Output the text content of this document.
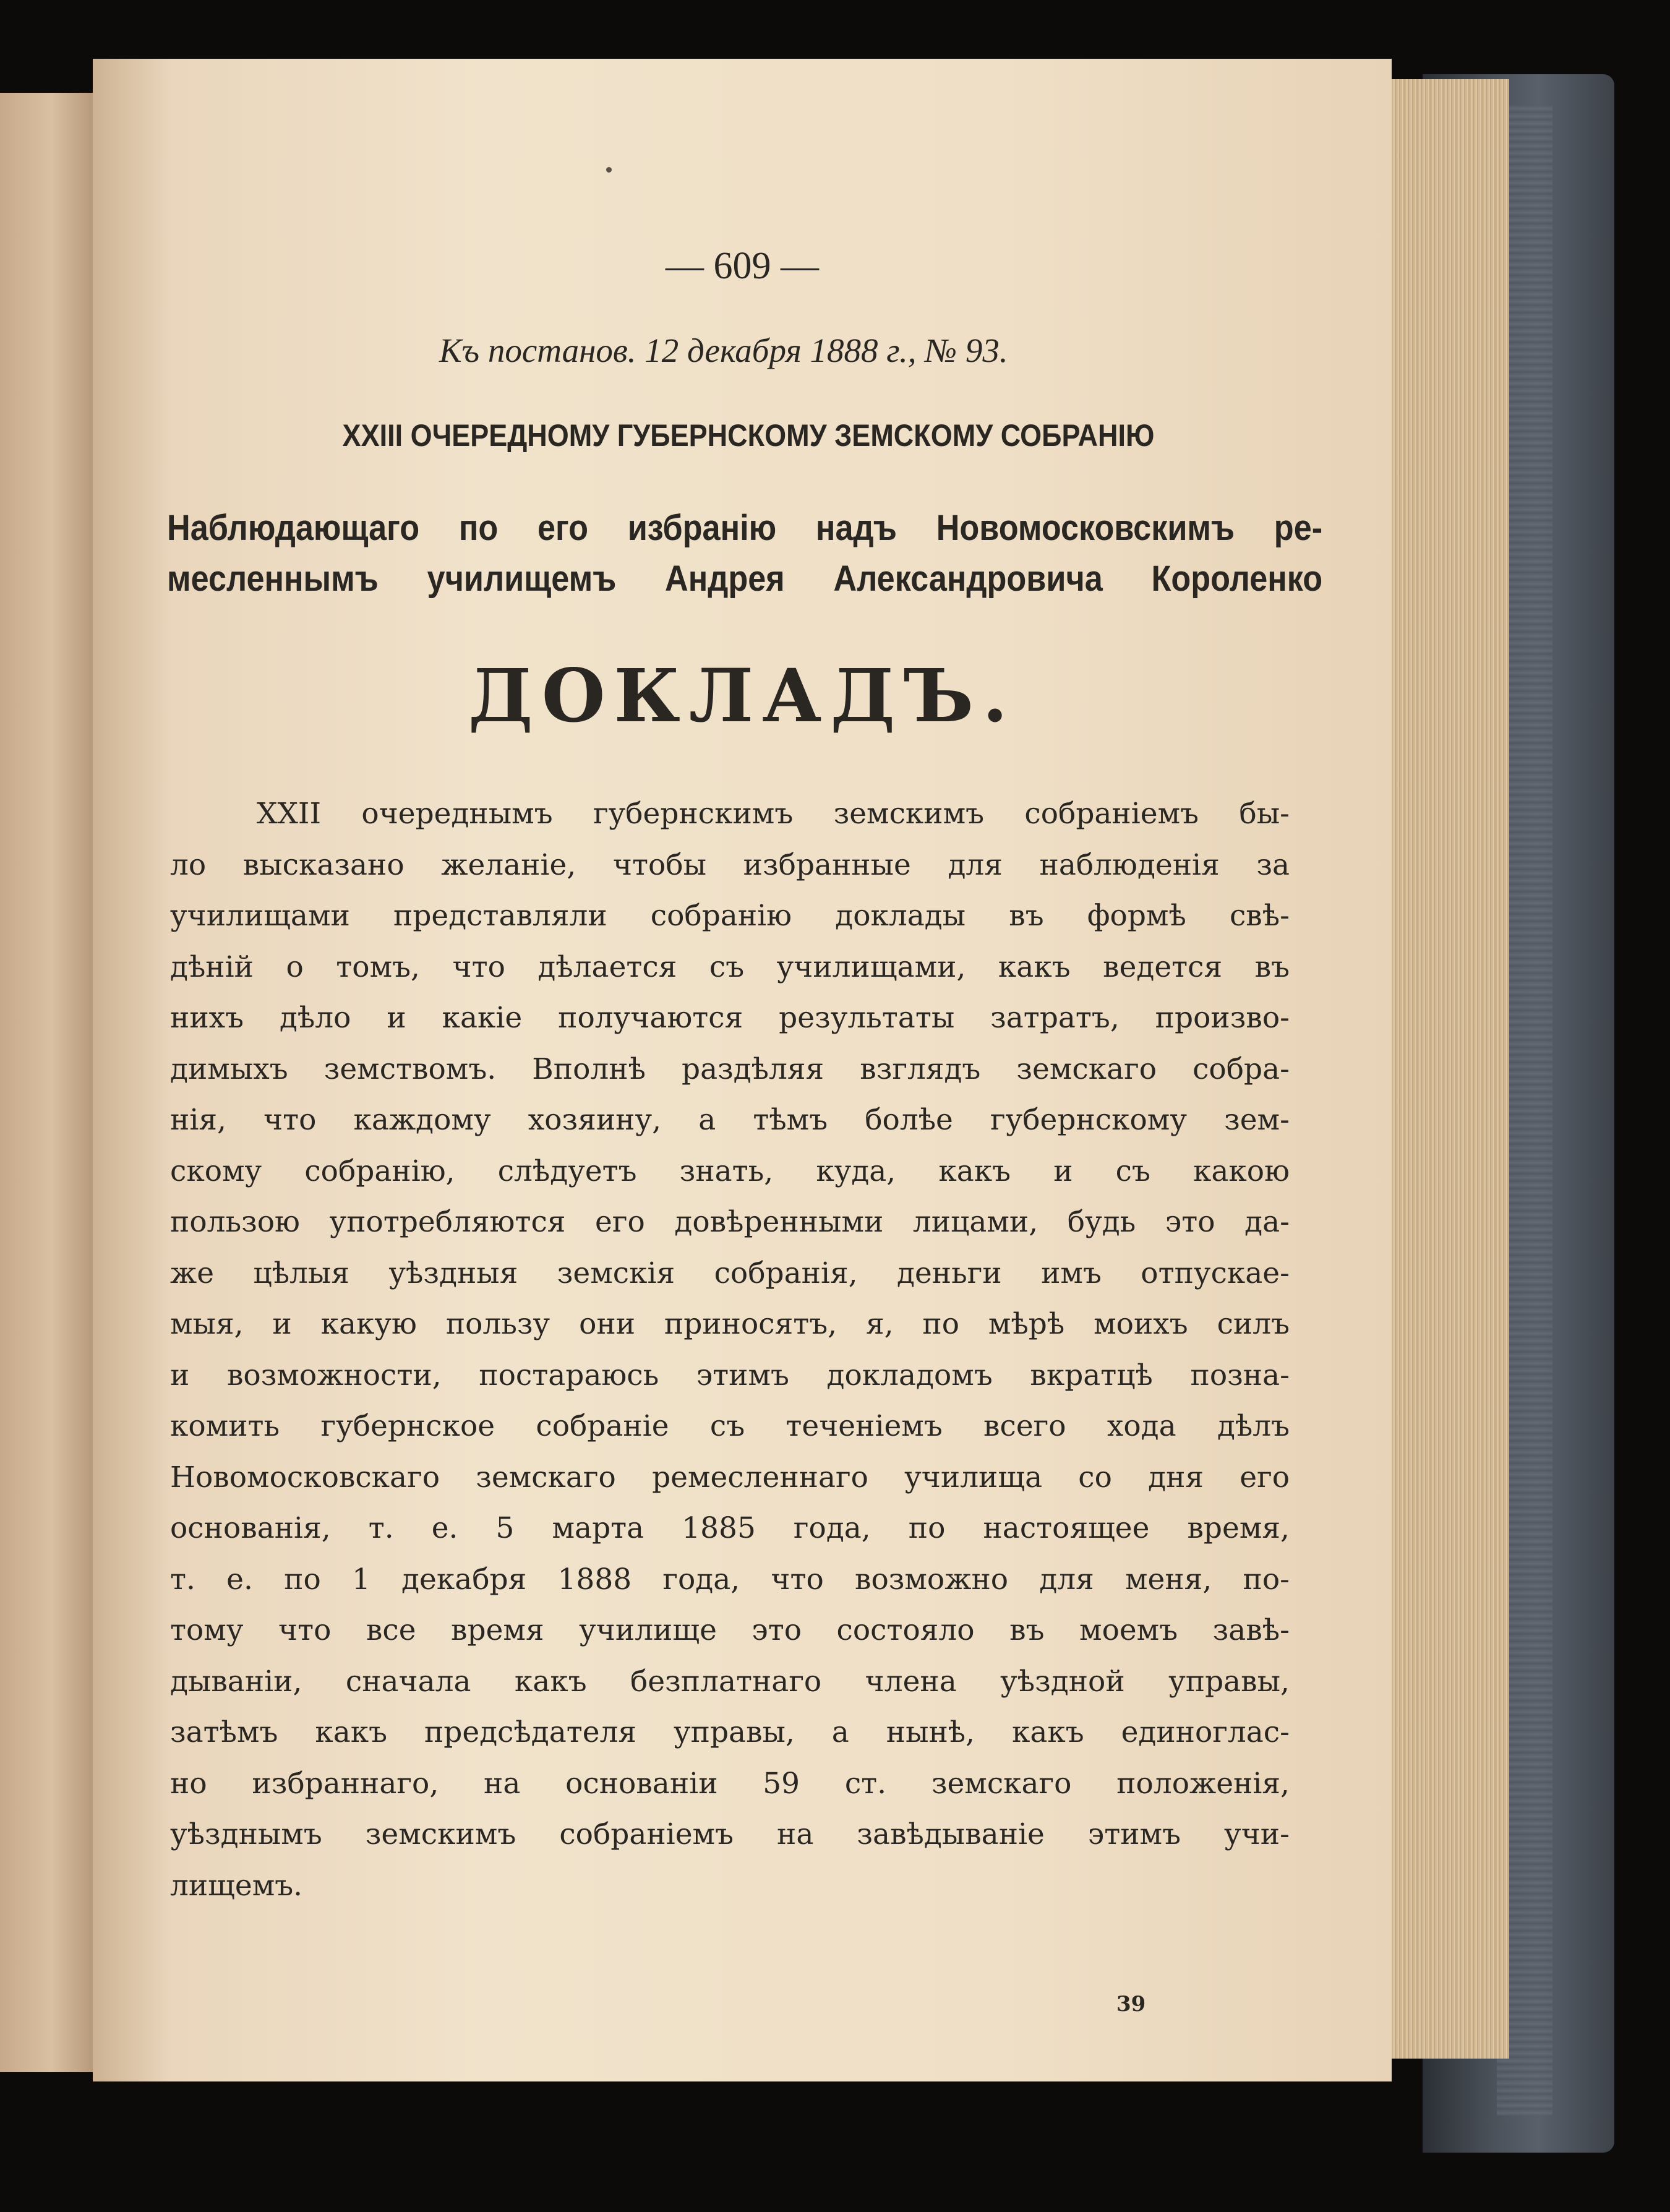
— 609 —
Къ постанов. 12 декабря 1888 г., № 93.
XXIII ОЧЕРЕДНОМУ ГУБЕРНСКОМУ ЗЕМСКОМУ СОБРАНІЮ
Наблюдающаго по его избранію надъ Новомосковскимъ ре-
месленнымъ училищемъ Андрея Александровича Короленко
ДОКЛАДЪ.
XXII очереднымъ губернскимъ земскимъ собраніемъ бы-
ло высказано желаніе, чтобы избранные для наблюденія за
училищами представляли собранію доклады въ формѣ свѣ-
дѣній о томъ, что дѣлается съ училищами, какъ ведется въ
нихъ дѣло и какіе получаются результаты затратъ, произво-
димыхъ земствомъ. Вполнѣ раздѣляя взглядъ земскаго собра-
нія, что каждому хозяину, а тѣмъ болѣе губернскому зем-
скому собранію, слѣдуетъ знать, куда, какъ и съ какою
пользою употребляются его довѣренными лицами, будь это да-
же цѣлыя уѣздныя земскія собранія, деньги имъ отпускае-
мыя, и какую пользу они приносятъ, я, по мѣрѣ моихъ силъ
и возможности, постараюсь этимъ докладомъ вкратцѣ позна-
комить губернское собраніе съ теченіемъ всего хода дѣлъ
Новомосковскаго земскаго ремесленнаго училища со дня его
основанія, т. е. 5 марта 1885 года, по настоящее время,
т. е. по 1 декабря 1888 года, что возможно для меня, по-
тому что все время училище это состояло въ моемъ завѣ-
дываніи, сначала какъ безплатнаго члена уѣздной управы,
затѣмъ какъ предсѣдателя управы, а нынѣ, какъ единоглас-
но избраннаго, на основаніи 59 ст. земскаго положенія,
уѣзднымъ земскимъ собраніемъ на завѣдываніе этимъ учи-
лищемъ.
39
